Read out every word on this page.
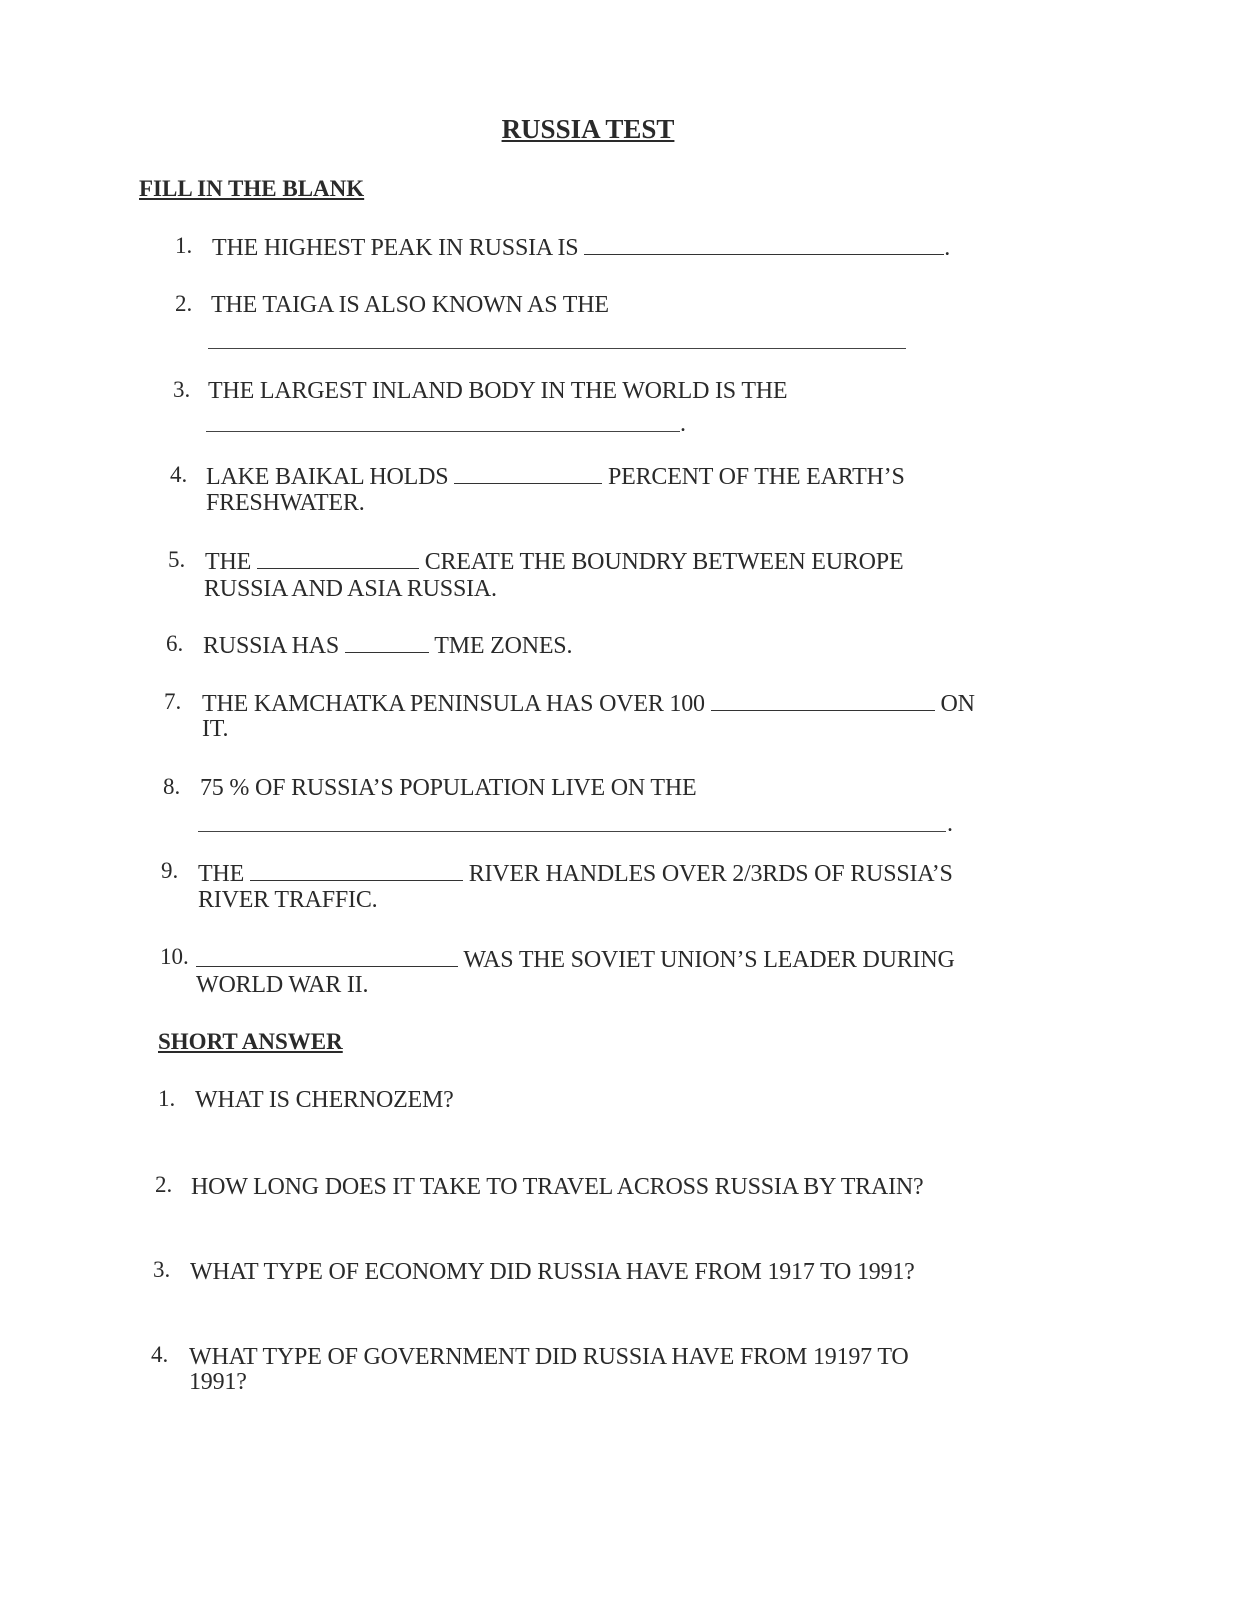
RUSSIA TEST
FILL IN THE BLANK
1. THE HIGHEST PEAK IN RUSSIA IS	.
2. THE TAIGA IS ALSO KNOWN AS THE
3. THE LARGEST INLAND BODY IN THE WORLD IS THE
.
4. LAKE BAIKAL HOLDS	PERCENT OF THE EARTH’S
FRESHWATER.
5. THE	CREATE THE BOUNDRY BETWEEN EUROPE
RUSSIA AND ASIA RUSSIA.
6. RUSSIA HAS	TME ZONES.
7. THE KAMCHATKA PENINSULA HAS OVER 100	ON
IT.
8. 75 % OF RUSSIA’S POPULATION LIVE ON THE
.
9. THE	RIVER HANDLES OVER 2/3RDS OF RUSSIA’S
RIVER TRAFFIC.
10.	WAS THE SOVIET UNION’S LEADER DURING
WORLD WAR II.
SHORT ANSWER
1. WHAT IS CHERNOZEM?
2. HOW LONG DOES IT TAKE TO TRAVEL ACROSS RUSSIA BY TRAIN?
3. WHAT TYPE OF ECONOMY DID RUSSIA HAVE FROM 1917 TO 1991?
4. WHAT TYPE OF GOVERNMENT DID RUSSIA HAVE FROM 19197 TO
1991?
